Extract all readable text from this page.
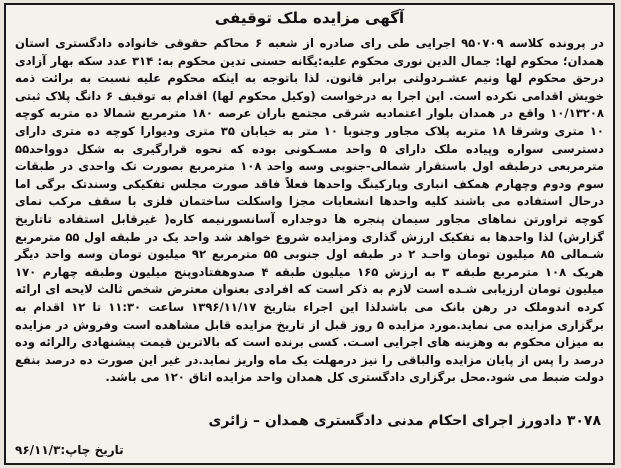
آگهی مزایده ملک توقیفی
در پرونده کلاسه ۹۵۰۷۰۹ اجرایی طی رای صادره از شعبه ۶ محاکم حقوقی خانواده دادگستری استان همدان؛ محکوم لها: جمال الدین نوری محکوم علیه:یگانه حسنی تدین محکوم به: ۳۱۴ عدد سکه بهار آزادی درحق محکوم لها ونیم عشـردولتی برابر قانون. لذا باتوجه به اینکه محکوم علیه نسبت به برائت ذمه خویش اقدامی نکرده است. این اجرا به درخواست (وکیل محکوم لها) اقدام به توقیف ۶ دانگ پلاک ثبتی ۱۰/۱۳۲۰۸ واقع در همدان بلوار اعتمادیه شرقی مجتمع باران عرصه ۱۸۰ مترمربع شمالا ده متربه کوچه ۱۰ متری وشرقا ۱۸ متربه پلاک مجاور وجنوبا ۱۰ متر به خیابان ۳۵ متری ودیوارا کوچه ده متری دارای دسترسی سواره وپیاده ملک دارای ۵ واحد مسـکونی بوده که نحوه قرارگیری به شکل دوواحد۵۵ مترمربعی درطبقه اول باستقرار شمالی-جنوبی وسه واحد ۱۰۸ مترمربع بصورت تک واحدی در طبقات سوم ودوم وچهارم همکف انباری وپارکینگ واحدها فعلاً فاقد صورت مجلس تفکیکی وسندتک برگی اما درحال استفاده می باشند کلیه واحدها انشعابات مجزا واسکلت ساختمان فلزی با سقف مرکب نمای کوچه تراورتن نماهای مجاور سیمان پنجره ها دوجداره آسانسورنیمه کاره( غیرقابل استفاده تاتاریخ گزارش) لذا واحدها به تفکیک ارزش گذاری ومزایده شروع خواهد شد واحد یک در طبقه اول ۵۵ مترمربع شـمالی ۸۵ میلیون تومان واحـد ۲ در طبقه اول جنوبی ۵۵ مترمربع ۹۲ میلیون تومان وسه واحد دیگر هریک ۱۰۸ مترمربع طبقه ۳ به ارزش ۱۶۵ میلیون طبقه ۴ صدوهفتادوپنج میلیون وطبقه چهارم ۱۷۰ میلیون تومان ارزیابی شـده است لازم به ذکر است که افرادی بعنوان معترض شخص ثالث لایحه ای ارائه کرده اندوملک در رهن بانک می باشدلذا این اجراء بتاریخ ۱۳۹۶/۱۱/۱۷ ساعت ۱۱:۳۰ تا ۱۲ اقدام به برگزاری مزایده می نماید.مورد مزایده ۵ روز قبل از تاریخ مزایده قابل مشاهده است وفروش در مزایده به میزان محکوم به وهزینه های اجرایی اسـت. کسی برنده است که بالاترین قیمت پیشنهادی رالرائه ودە درصد را پس از پایان مزایده والباقی را نیز درمهلت یک ماه واریز نماید.در غیر این صورت ده درصد بنفع دولت ضبط می شود.محل برگزاری دادگستری کل همدان واحد مزایده اتاق ۱۲۰ می باشد.
۳۰۷۸ دادورز اجرای احکام مدنی دادگستری همدان – زائری
تاریخ چاپ:۹۶/۱۱/۳
